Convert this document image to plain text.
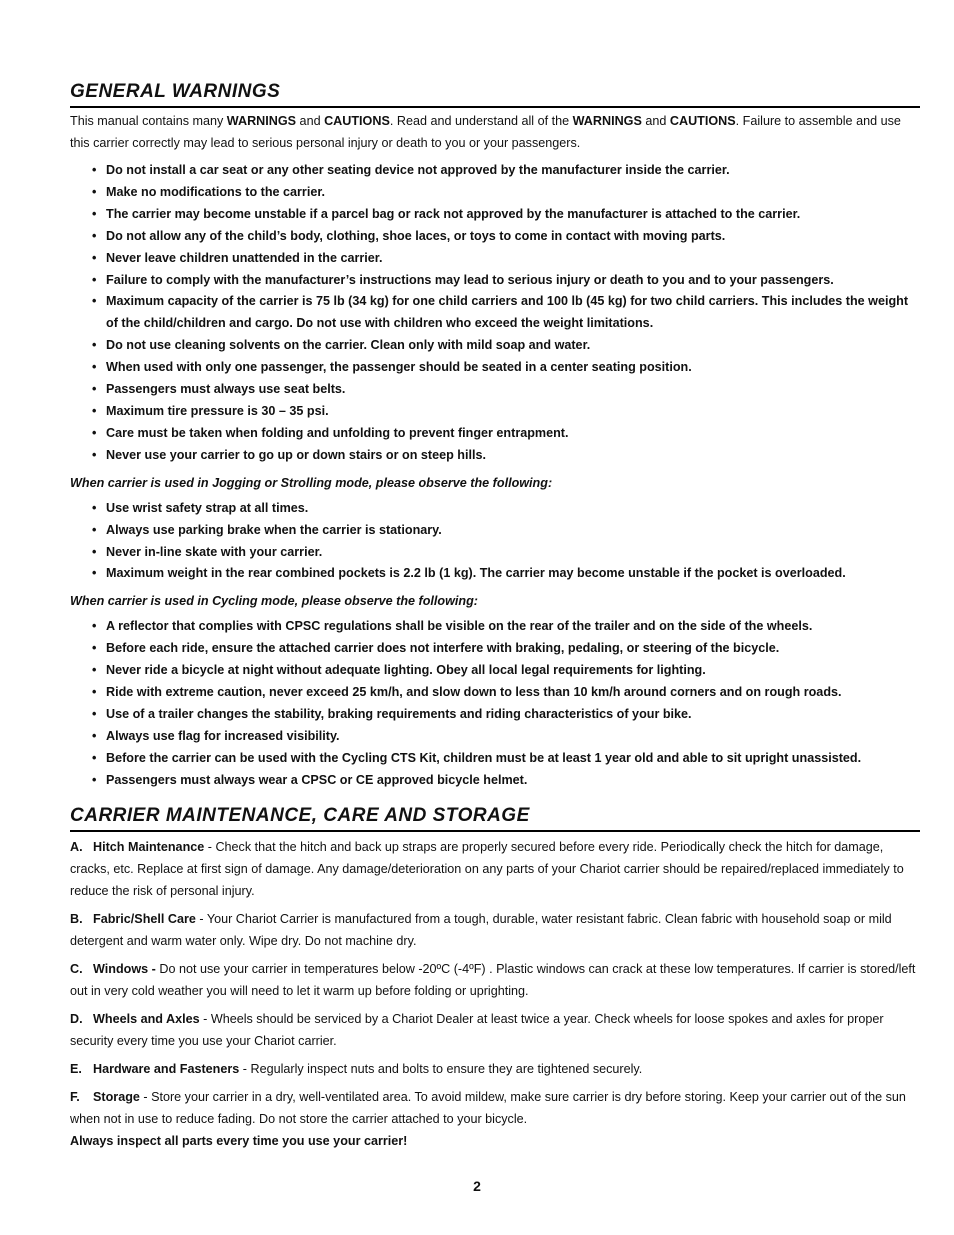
GENERAL WARNINGS

This manual contains many WARNINGS and CAUTIONS. Read and understand all of the WARNINGS and CAUTIONS. Failure to assemble and use this carrier correctly may lead to serious personal injury or death to you or your passengers.

• Do not install a car seat or any other seating device not approved by the manufacturer inside the carrier.
• Make no modifications to the carrier.
• The carrier may become unstable if a parcel bag or rack not approved by the manufacturer is attached to the carrier.
• Do not allow any of the child’s body, clothing, shoe laces, or toys to come in contact with moving parts.
• Never leave children unattended in the carrier.
• Failure to comply with the manufacturer’s instructions may lead to serious injury or death to you and to your passengers.
• Maximum capacity of the carrier is 75 lb (34 kg) for one child carriers and 100 lb (45 kg) for two child carriers. This includes the weight of the child/children and cargo. Do not use with children who exceed the weight limitations.
• Do not use cleaning solvents on the carrier. Clean only with mild soap and water.
• When used with only one passenger, the passenger should be seated in a center seating position.
• Passengers must always use seat belts.
• Maximum tire pressure is 30 – 35 psi.
• Care must be taken when folding and unfolding to prevent finger entrapment.
• Never use your carrier to go up or down stairs or on steep hills.
When carrier is used in Jogging or Strolling mode, please observe the following:
• Use wrist safety strap at all times.
• Always use parking brake when the carrier is stationary.
• Never in-line skate with your carrier.
• Maximum weight in the rear combined pockets is 2.2 lb (1 kg). The carrier may become unstable if the pocket is overloaded.
When carrier is used in Cycling mode, please observe the following:
• A reflector that complies with CPSC regulations shall be visible on the rear of the trailer and on the side of the wheels.
• Before each ride, ensure the attached carrier does not interfere with braking, pedaling, or steering of the bicycle.
• Never ride a bicycle at night without adequate lighting. Obey all local legal requirements for lighting.
• Ride with extreme caution, never exceed 25 km/h, and slow down to less than 10 km/h around corners and on rough roads.
• Use of a trailer changes the stability, braking requirements and riding characteristics of your bike.
• Always use flag for increased visibility.
• Before the carrier can be used with the Cycling CTS Kit, children must be at least 1 year old and able to sit upright unassisted.
• Passengers must always wear a CPSC or CE approved bicycle helmet.
CARRIER MAINTENANCE, CARE AND STORAGE

A. Hitch Maintenance - Check that the hitch and back up straps are properly secured before every ride. Periodically check the hitch for damage, cracks, etc. Replace at first sign of damage. Any damage/deterioration on any parts of your Chariot carrier should be repaired/replaced immediately to reduce the risk of personal injury.

B. Fabric/Shell Care - Your Chariot Carrier is manufactured from a tough, durable, water resistant fabric. Clean fabric with household soap or mild detergent and warm water only. Wipe dry. Do not machine dry.

C. Windows - Do not use your carrier in temperatures below -20ºC (-4ºF) . Plastic windows can crack at these low temperatures. If carrier is stored/left out in very cold weather you will need to let it warm up before folding or uprighting.

D. Wheels and Axles - Wheels should be serviced by a Chariot Dealer at least twice a year. Check wheels for loose spokes and axles for proper security every time you use your Chariot carrier.

E. Hardware and Fasteners - Regularly inspect nuts and bolts to ensure they are tightened securely.

F. Storage - Store your carrier in a dry, well-ventilated area. To avoid mildew, make sure carrier is dry before storing. Keep your carrier out of the sun when not in use to reduce fading. Do not store the carrier attached to your bicycle.

Always inspect all parts every time you use your carrier!
2
